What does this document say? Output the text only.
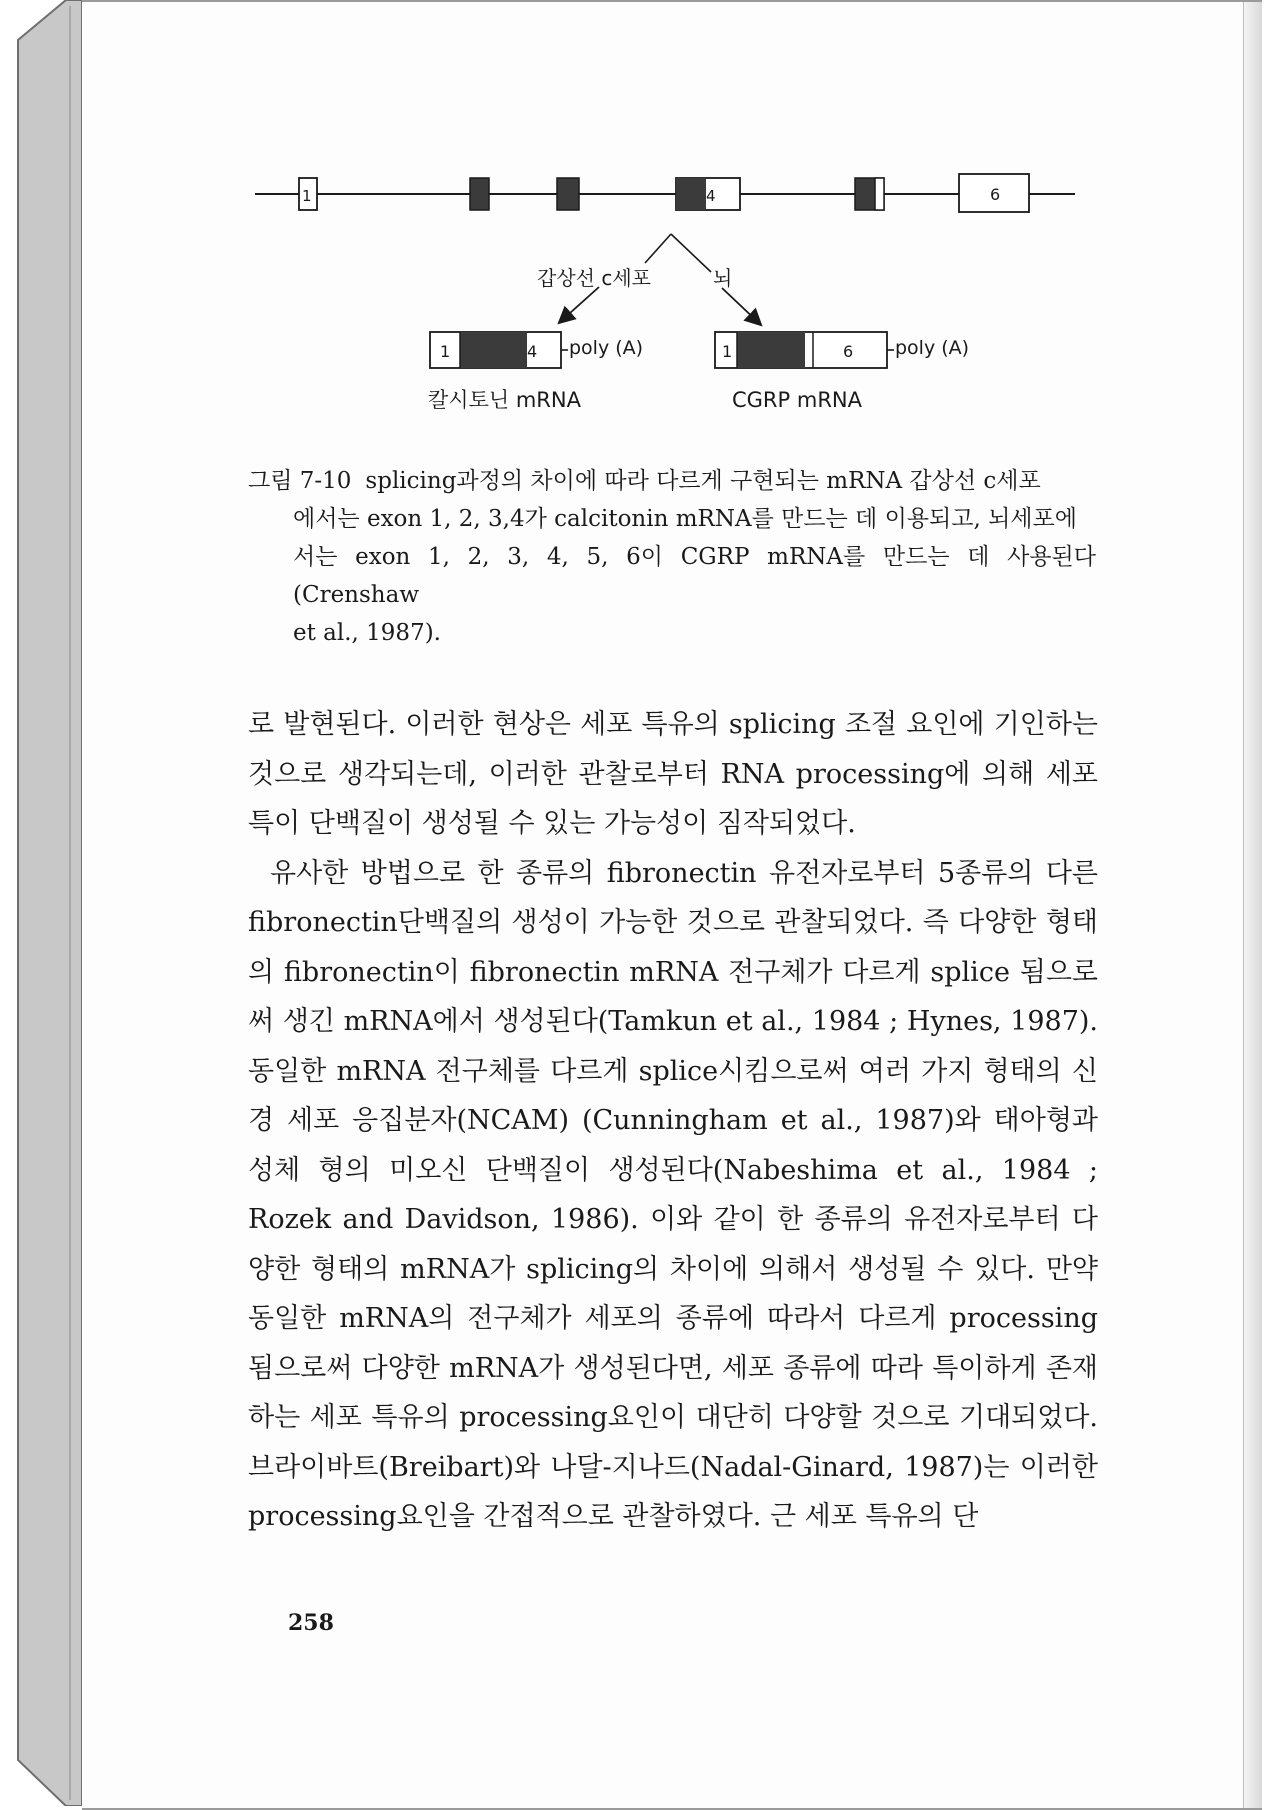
1	4	6
갑상선 c세포	뇌
1	4 poly (A)
칼시토닌 mRNA
1	6 poly (A)
CGRP mRNA
그림 7-10 splicing과정의 차이에 따라 다르게 구현되는 mRNA 갑상선 c세포
에서는 exon 1, 2, 3,4가 calcitonin mRNA를 만드는 데 이용되고, 뇌세포에
서는 exon 1, 2, 3, 4, 5, 6이 CGRP mRNA를 만드는 데 사용된다(Crenshaw
et al., 1987).

로 발현된다. 이러한 현상은 세포 특유의 splicing 조절 요인에 기인하는 것으로 생각되는데, 이러한 관찰로부터 RNA processing에 의해 세포 특이 단백질이 생성될 수 있는 가능성이 짐작되었다.

유사한 방법으로 한 종류의 fibronectin 유전자로부터 5종류의 다른 fibronectin단백질의 생성이 가능한 것으로 관찰되었다. 즉 다양한 형태의 fibronectin이 fibronectin mRNA 전구체가 다르게 splice 됨으로써 생긴 mRNA에서 생성된다(Tamkun et al., 1984 ; Hynes, 1987). 동일한 mRNA 전구체를 다르게 splice시킴으로써 여러 가지 형태의 신경 세포 응집분자(NCAM) (Cunningham et al., 1987)와 태아형과 성체 형의 미오신 단백질이 생성된다(Nabeshima et al., 1984 ; Rozek and Davidson, 1986). 이와 같이 한 종류의 유전자로부터 다양한 형태의 mRNA가 splicing의 차이에 의해서 생성될 수 있다. 만약 동일한 mRNA의 전구체가 세포의 종류에 따라서 다르게 processing 됨으로써 다양한 mRNA가 생성된다면, 세포 종류에 따라 특이하게 존재하는 세포 특유의 processing요인이 대단히 다양할 것으로 기대되었다. 브라이바트(Breibart)와 나달-지나드(Nadal-Ginard, 1987)는 이러한 processing요인을 간접적으로 관찰하였다. 근 세포 특유의 단

258
